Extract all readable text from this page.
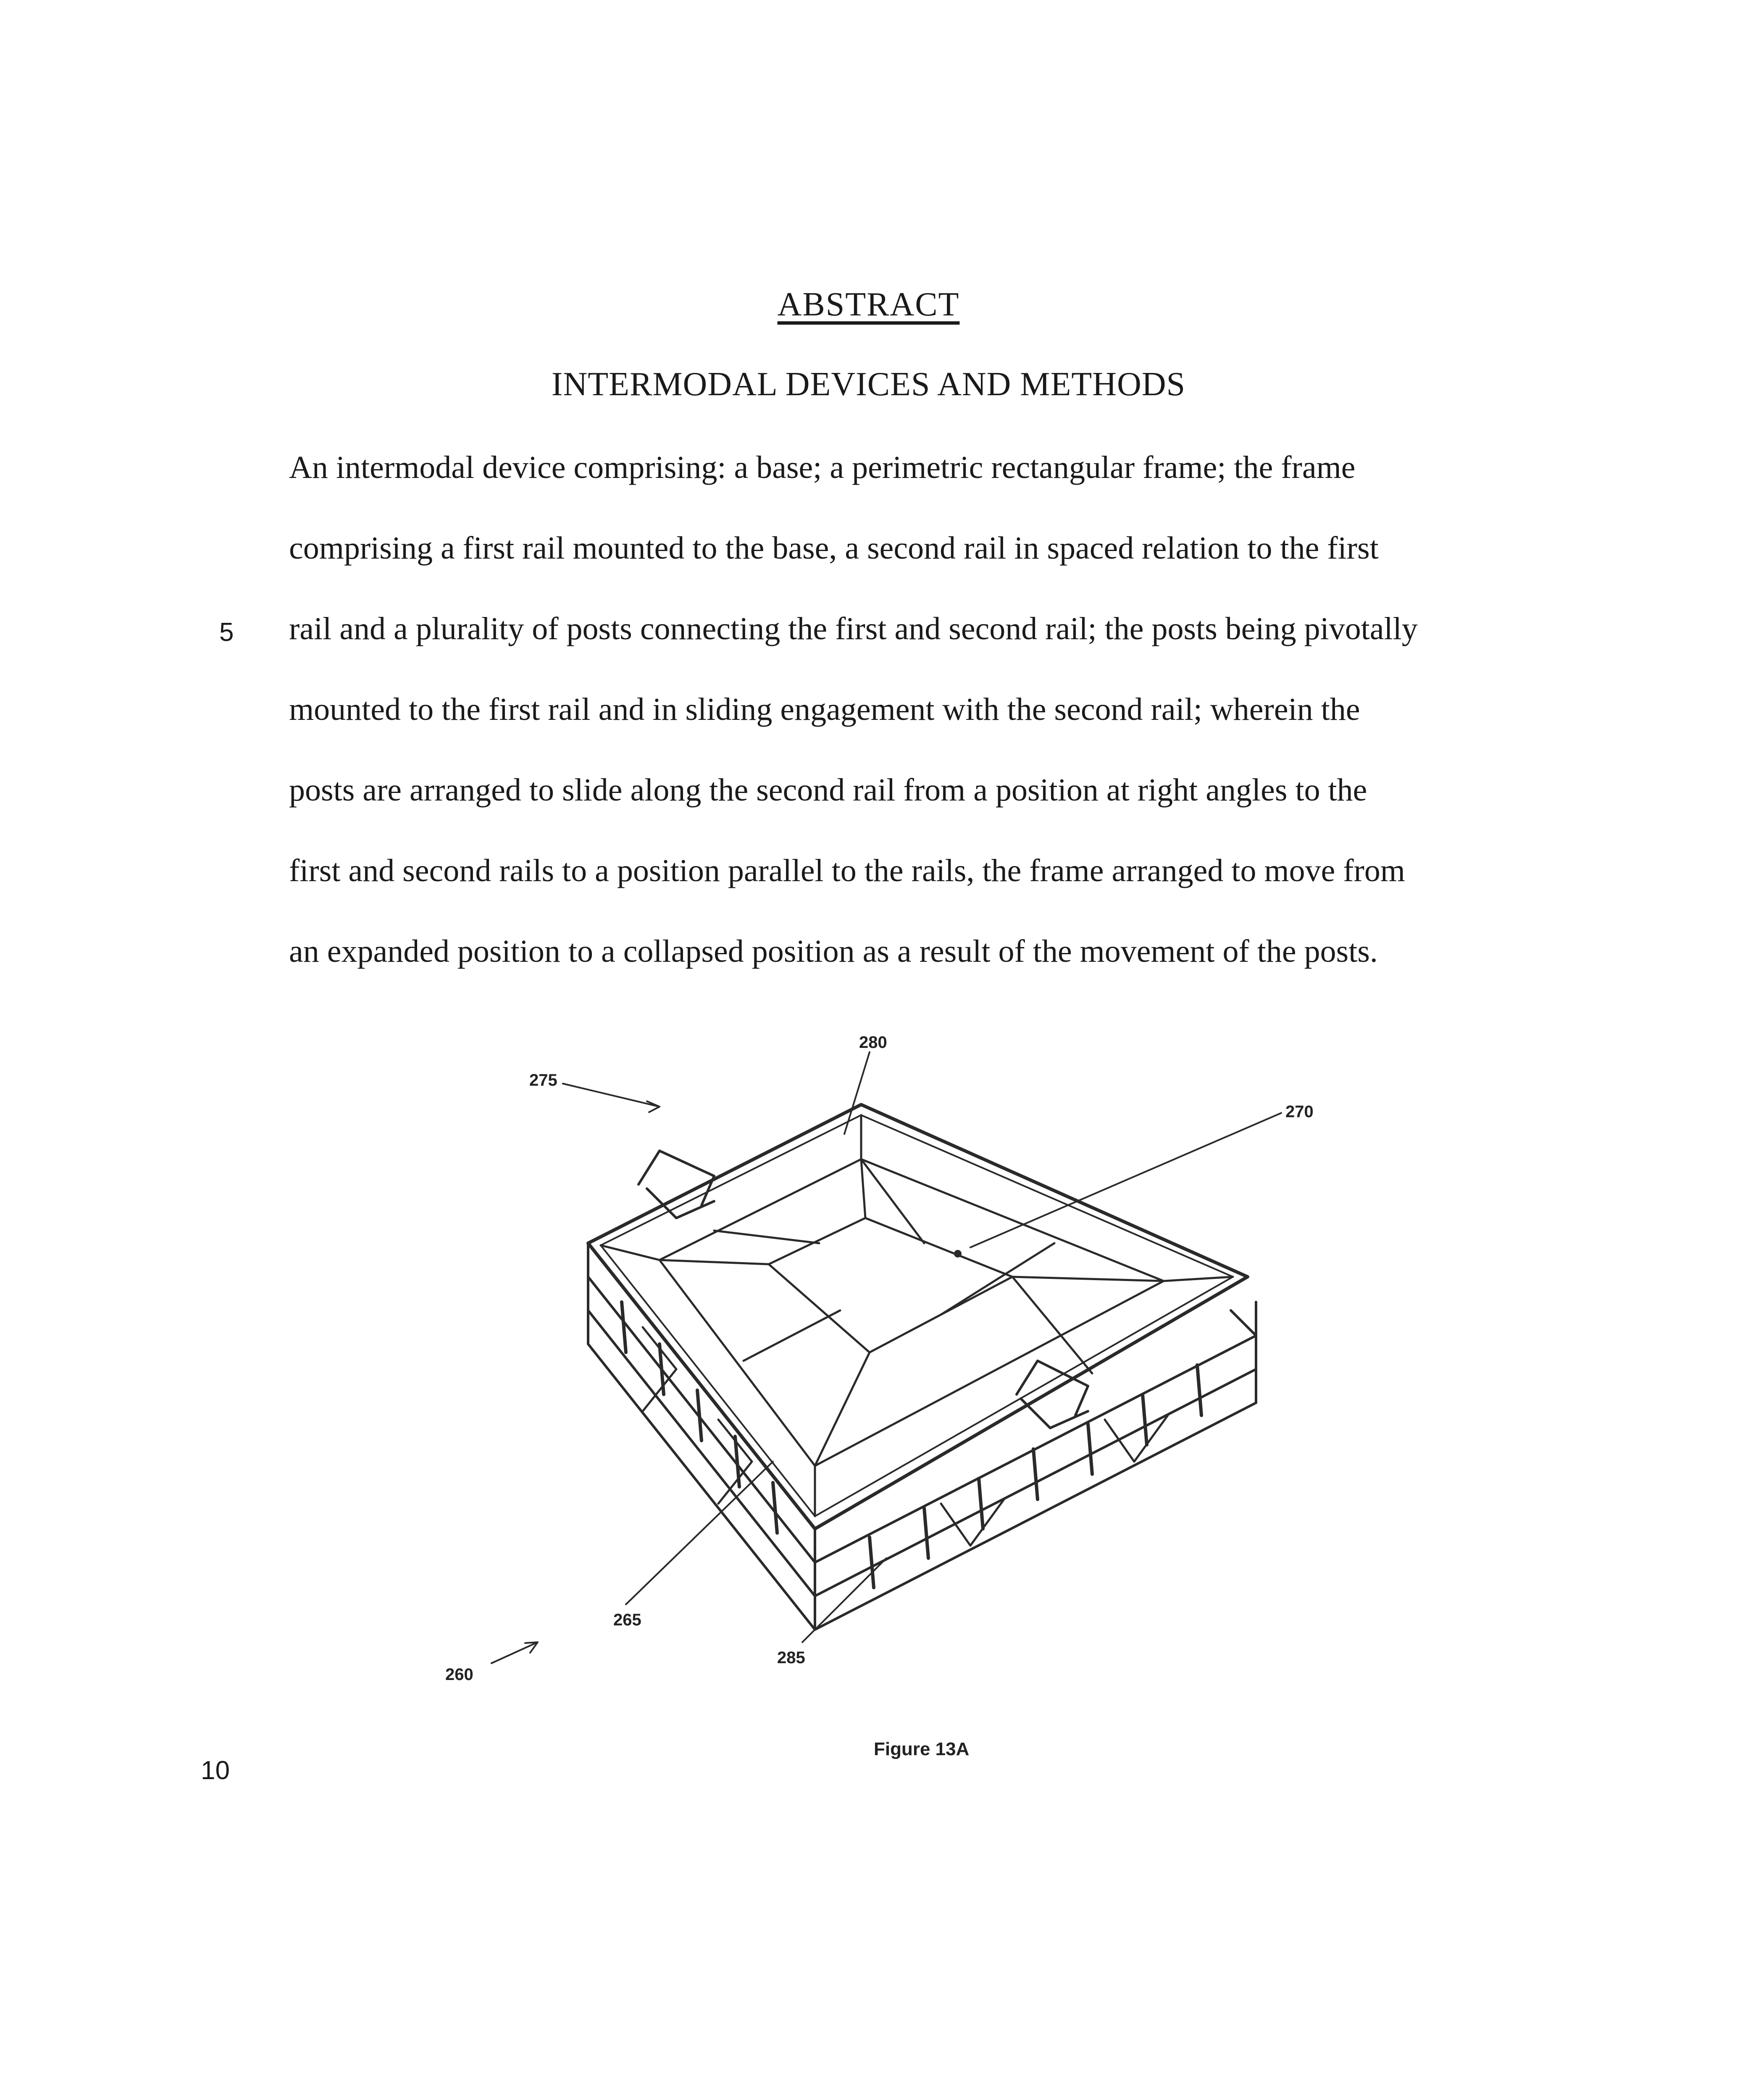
ABSTRACT
INTERMODAL DEVICES AND METHODS
An intermodal device comprising: a base; a perimetric rectangular frame; the frame
comprising a first rail mounted to the base, a second rail in spaced relation to the first
rail and a plurality of posts connecting the first and second rail; the posts being pivotally
mounted to the first rail and in sliding engagement with the second rail; wherein the
posts are arranged to slide along the second rail from a position at right angles to the
first and second rails to a position parallel to the rails, the frame arranged to move from
an expanded position to a collapsed position as a result of the movement of the posts.
5
10
280
275
270
265
285
260
Figure 13A
